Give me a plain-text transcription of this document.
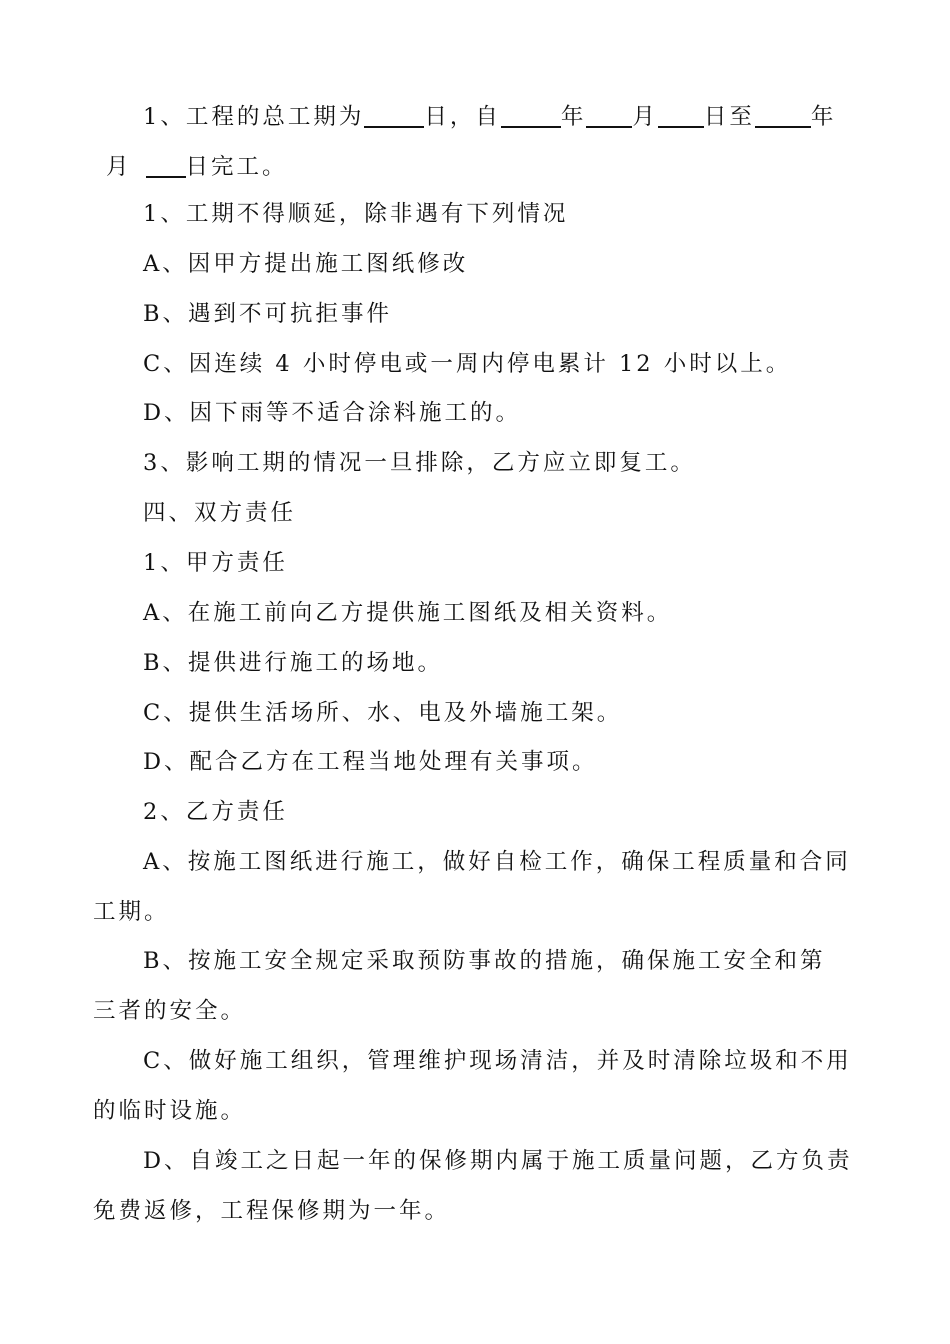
1、工程的总工期为	日，自	年 月 日至 年
月 日完工。
1、工期不得顺延，除非遇有下列情况
A、因甲方提出施工图纸修改
B、遇到不可抗拒事件
C、因连续 4 小时停电或一周内停电累计 12 小时以上。
D、因下雨等不适合涂料施工的。
3、影响工期的情况一旦排除，乙方应立即复工。
四、双方责任
1、甲方责任
A、在施工前向乙方提供施工图纸及相关资料。
B、提供进行施工的场地。
C、提供生活场所、水、电及外墙施工架。
D、配合乙方在工程当地处理有关事项。
2、乙方责任
A、按施工图纸进行施工，做好自检工作，确保工程质量和合同
工期。
B、按施工安全规定采取预防事故的措施，确保施工安全和第
三者的安全。
C、做好施工组织，管理维护现场清洁，并及时清除垃圾和不用
的临时设施。
D、自竣工之日起一年的保修期内属于施工质量问题，乙方负责
免费返修，工程保修期为一年。
